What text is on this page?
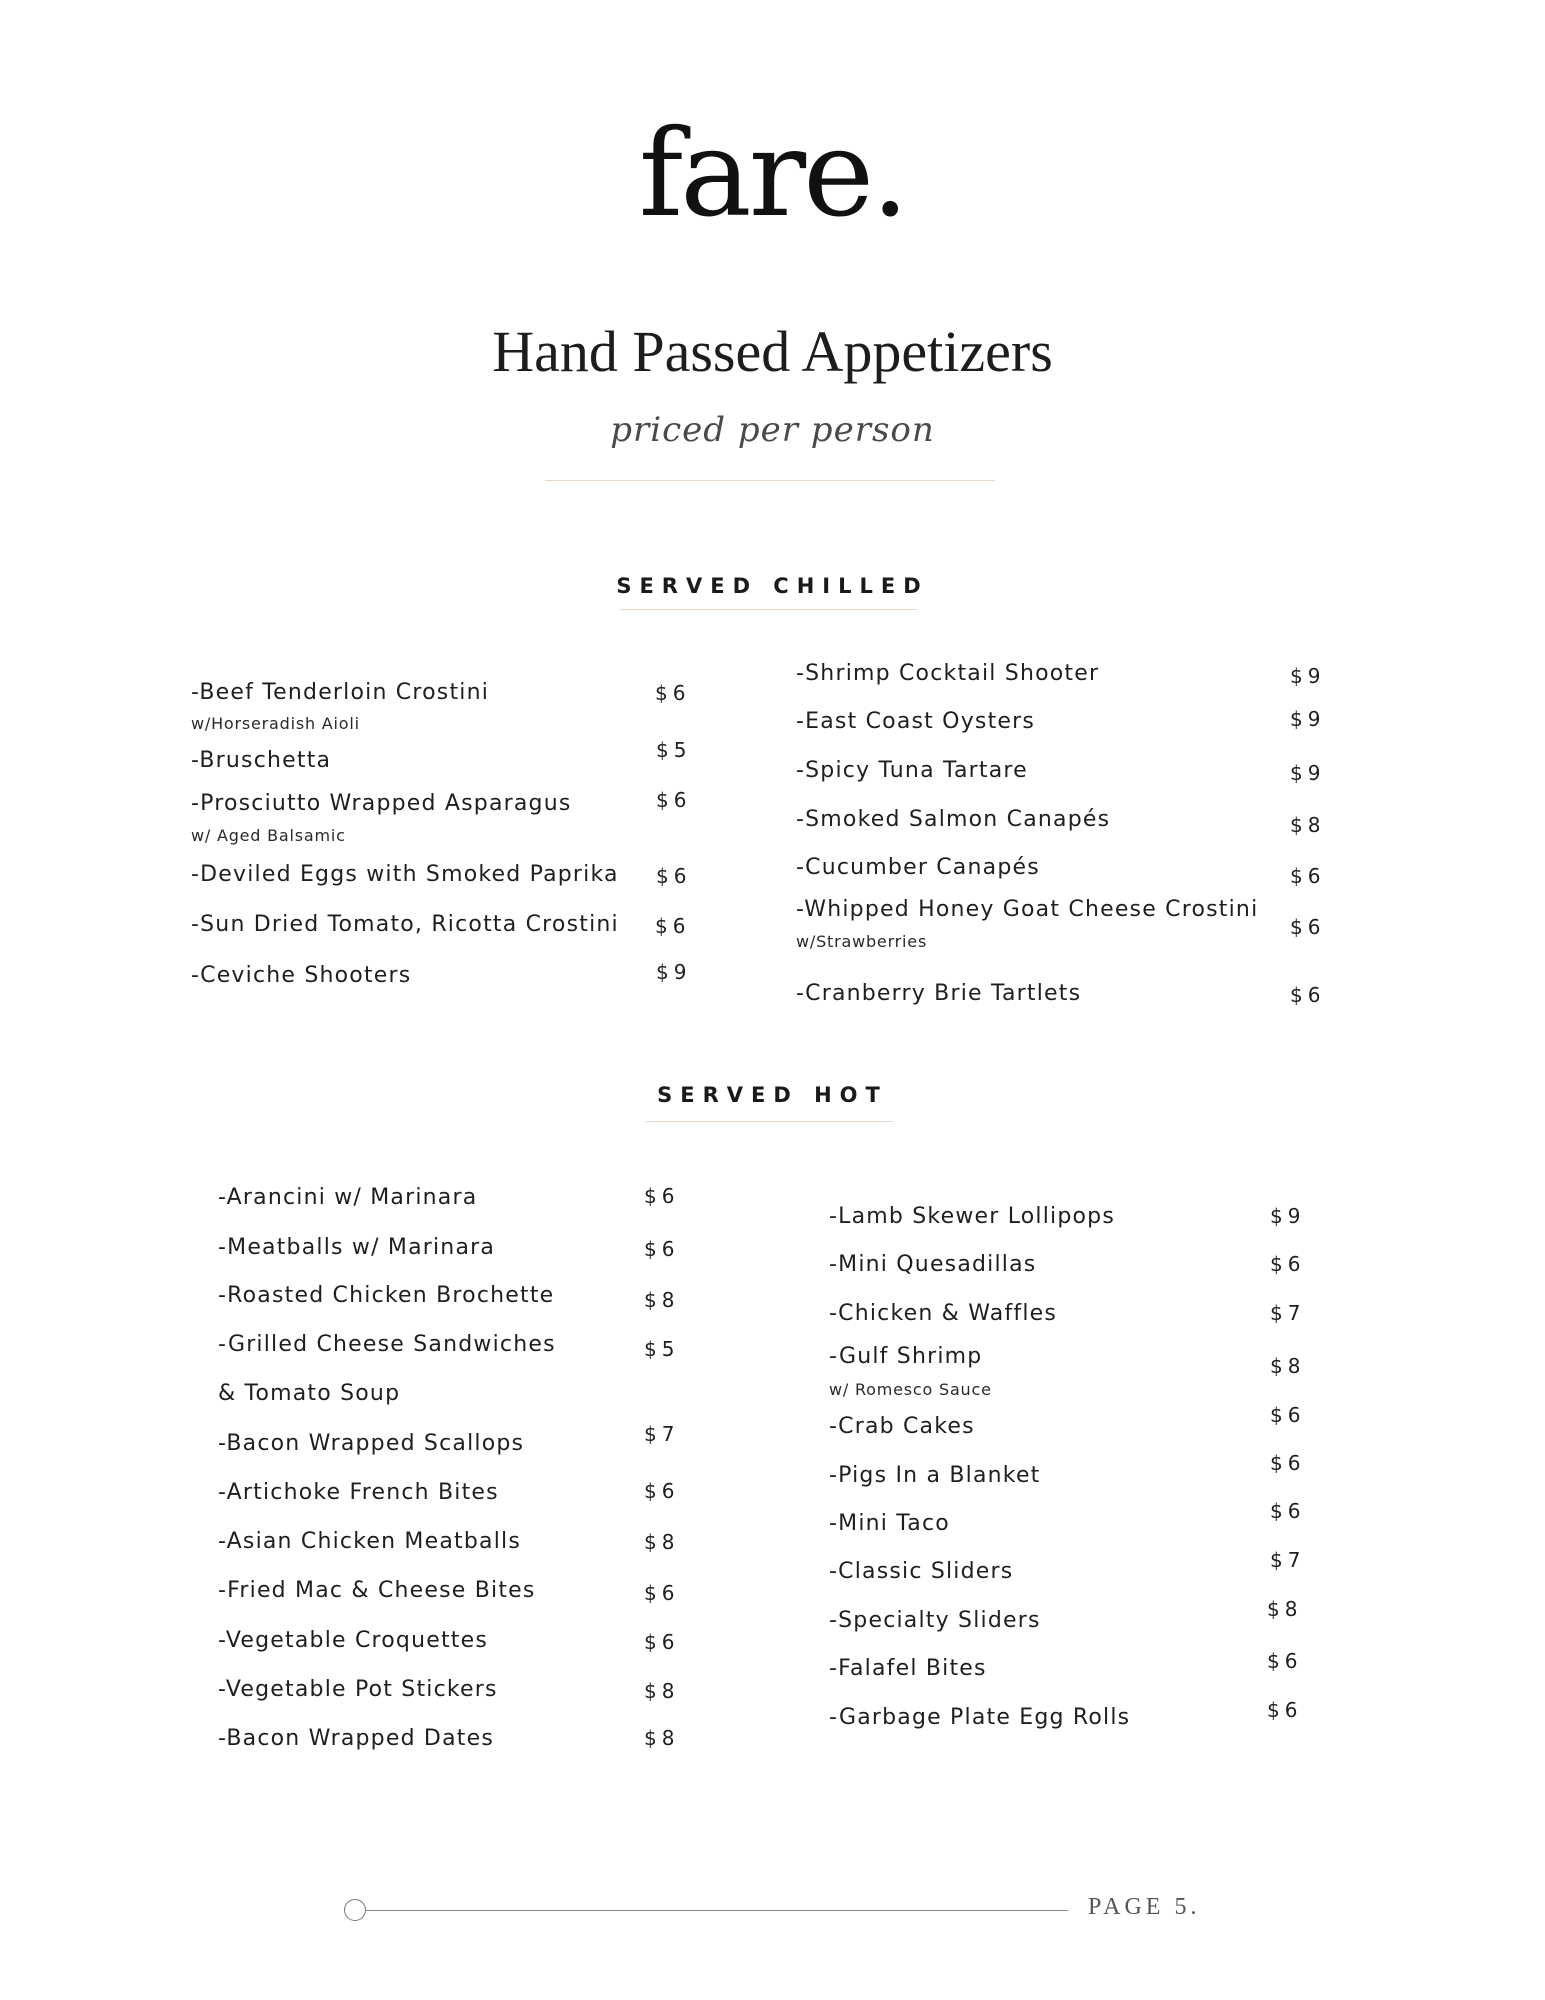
fare.
Hand Passed Appetizers
priced per person
SERVED CHILLED
-Beef Tenderloin Crostini
w/Horseradish Aioli
$6
-Bruschetta	$5
-Prosciutto Wrapped Asparagus
w/ Aged Balsamic
$6
-Deviled Eggs with Smoked Paprika $6
-Sun Dried Tomato, Ricotta Crostini $6
-Ceviche Shooters	$9
-Shrimp Cocktail Shooter	$9
-East Coast Oysters	$9
-Spicy Tuna Tartare	$9
-Smoked Salmon Canapés	$8
-Cucumber Canapés	$6
-Whipped Honey Goat Cheese Crostini
w/Strawberries
$6
-Cranberry Brie Tartlets	$6
SERVED HOT
-Arancini w/ Marinara	$6
-Meatballs w/ Marinara	$6
-Roasted Chicken Brochette	$8
-Grilled Cheese Sandwiches	$5
& Tomato Soup
-Bacon Wrapped Scallops	$7
-Artichoke French Bites	$6
-Asian Chicken Meatballs	$8
-Fried Mac & Cheese Bites	$6
-Vegetable Croquettes	$6
-Vegetable Pot Stickers	$8
-Bacon Wrapped Dates	$8
-Lamb Skewer Lollipops	$9
-Mini Quesadillas	$6
-Chicken & Waffles	$7
-Gulf Shrimp
w/ Romesco Sauce
$8
-Crab Cakes	$6
-Pigs In a Blanket	$6
-Mini Taco	$6
-Classic Sliders	$7
-Specialty Sliders	$8
-Falafel Bites	$6
-Garbage Plate Egg Rolls	$6
PAGE 5.
